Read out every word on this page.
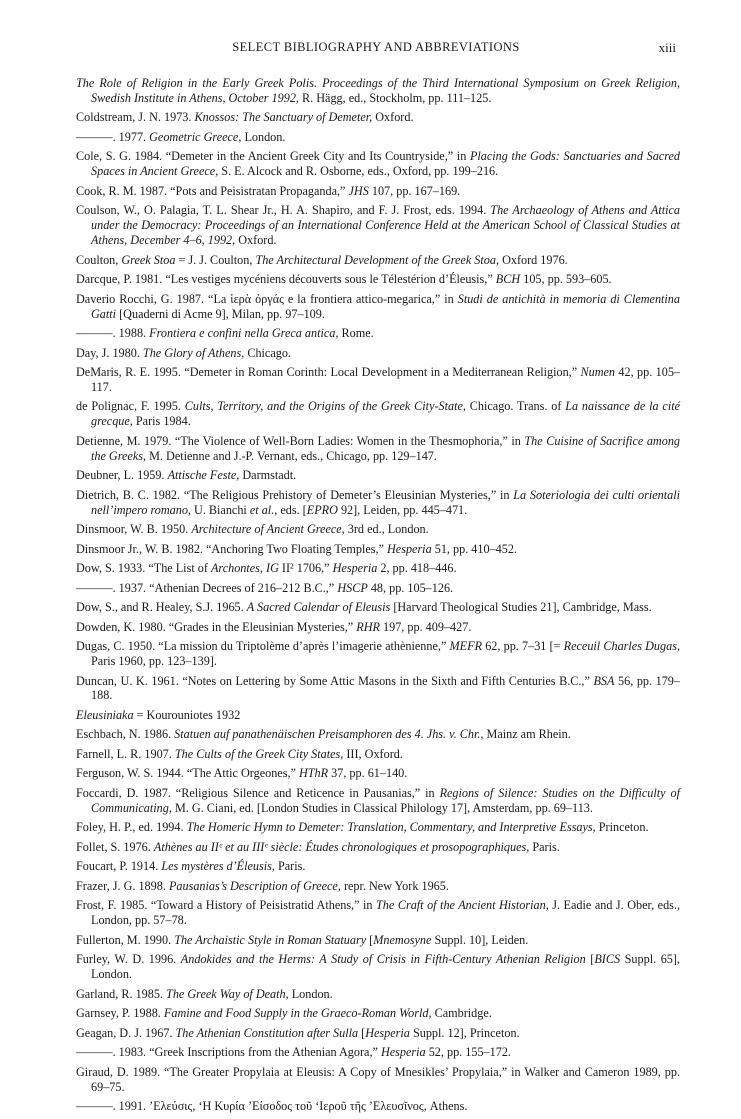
SELECT BIBLIOGRAPHY AND ABBREVIATIONS	xiii
The Role of Religion in the Early Greek Polis. Proceedings of the Third International Symposium on Greek Religion, Swedish Institute in Athens, October 1992, R. Hägg, ed., Stockholm, pp. 111–125.
Coldstream, J. N. 1973. Knossos: The Sanctuary of Demeter, Oxford.
———. 1977. Geometric Greece, London.
Cole, S. G. 1984. “Demeter in the Ancient Greek City and Its Countryside,” in Placing the Gods: Sanctuaries and Sacred Spaces in Ancient Greece, S. E. Alcock and R. Osborne, eds., Oxford, pp. 199–216.
Cook, R. M. 1987. “Pots and Peisistratan Propaganda,” JHS 107, pp. 167–169.
Coulson, W., O. Palagia, T. L. Shear Jr., H. A. Shapiro, and F. J. Frost, eds. 1994. The Archaeology of Athens and Attica under the Democracy: Proceedings of an International Conference Held at the American School of Classical Studies at Athens, December 4–6, 1992, Oxford.
Coulton, Greek Stoa = J. J. Coulton, The Architectural Development of the Greek Stoa, Oxford 1976.
Darcque, P. 1981. “Les vestiges mycéniens découverts sous le Télestérion d’Éleusis,” BCH 105, pp. 593–605.
Daverio Rocchi, G. 1987. “La ἱερὰ ὀργάς e la frontiera attico-megarica,” in Studi de antichità in memoria di Clementina Gatti [Quaderni di Acme 9], Milan, pp. 97–109.
———. 1988. Frontiera e confini nella Greca antica, Rome.
Day, J. 1980. The Glory of Athens, Chicago.
DeMaris, R. E. 1995. “Demeter in Roman Corinth: Local Development in a Mediterranean Religion,” Numen 42, pp. 105–117.
de Polignac, F. 1995. Cults, Territory, and the Origins of the Greek City-State, Chicago. Trans. of La naissance de la cité grecque, Paris 1984.
Detienne, M. 1979. “The Violence of Well-Born Ladies: Women in the Thesmophoria,” in The Cuisine of Sacrifice among the Greeks, M. Detienne and J.-P. Vernant, eds., Chicago, pp. 129–147.
Deubner, L. 1959. Attische Feste, Darmstadt.
Dietrich, B. C. 1982. “The Religious Prehistory of Demeter’s Eleusinian Mysteries,” in La Soteriologia dei culti orientali nell’impero romano, U. Bianchi et al., eds. [EPRO 92], Leiden, pp. 445–471.
Dinsmoor, W. B. 1950. Architecture of Ancient Greece, 3rd ed., London.
Dinsmoor Jr., W. B. 1982. “Anchoring Two Floating Temples,” Hesperia 51, pp. 410–452.
Dow, S. 1933. “The List of Archontes, IG II² 1706,” Hesperia 2, pp. 418–446.
———. 1937. “Athenian Decrees of 216–212 B.C.,” HSCP 48, pp. 105–126.
Dow, S., and R. Healey, S.J. 1965. A Sacred Calendar of Eleusis [Harvard Theological Studies 21], Cambridge, Mass.
Dowden, K. 1980. “Grades in the Eleusinian Mysteries,” RHR 197, pp. 409–427.
Dugas, C. 1950. “La mission du Triptolème d’après l’imagerie athènienne,” MEFR 62, pp. 7–31 [= Receuil Charles Dugas, Paris 1960, pp. 123–139].
Duncan, U. K. 1961. “Notes on Lettering by Some Attic Masons in the Sixth and Fifth Centuries B.C.,” BSA 56, pp. 179–188.
Eleusiniaka = Kourouniotes 1932
Eschbach, N. 1986. Statuen auf panathenäischen Preisamphoren des 4. Jhs. v. Chr., Mainz am Rhein.
Farnell, L. R. 1907. The Cults of the Greek City States, III, Oxford.
Ferguson, W. S. 1944. “The Attic Orgeones,” HThR 37, pp. 61–140.
Foccardi, D. 1987. “Religious Silence and Reticence in Pausanias,” in Regions of Silence: Studies on the Difficulty of Communicating, M. G. Ciani, ed. [London Studies in Classical Philology 17], Amsterdam, pp. 69–113.
Foley, H. P., ed. 1994. The Homeric Hymn to Demeter: Translation, Commentary, and Interpretive Essays, Princeton.
Follet, S. 1976. Athènes au IIᵉ et au IIIᵉ siècle: Études chronologiques et prosopographiques, Paris.
Foucart, P. 1914. Les mystères d’Éleusis, Paris.
Frazer, J. G. 1898. Pausanias’s Description of Greece, repr. New York 1965.
Frost, F. 1985. “Toward a History of Peisistratid Athens,” in The Craft of the Ancient Historian, J. Eadie and J. Ober, eds., London, pp. 57–78.
Fullerton, M. 1990. The Archaistic Style in Roman Statuary [Mnemosyne Suppl. 10], Leiden.
Furley, W. D. 1996. Andokides and the Herms: A Study of Crisis in Fifth-Century Athenian Religion [BICS Suppl. 65], London.
Garland, R. 1985. The Greek Way of Death, London.
Garnsey, P. 1988. Famine and Food Supply in the Graeco-Roman World, Cambridge.
Geagan, D. J. 1967. The Athenian Constitution after Sulla [Hesperia Suppl. 12], Princeton.
———. 1983. “Greek Inscriptions from the Athenian Agora,” Hesperia 52, pp. 155–172.
Giraud, D. 1989. “The Greater Propylaia at Eleusis: A Copy of Mnesikles’ Propylaia,” in Walker and Cameron 1989, pp. 69–75.
———. 1991. ’Ελεύσις, ‘Η Κυρία ’Είσοδος τοῦ ‘Ιεροῦ τῆς ’Ελευσῖνος, Athens.
